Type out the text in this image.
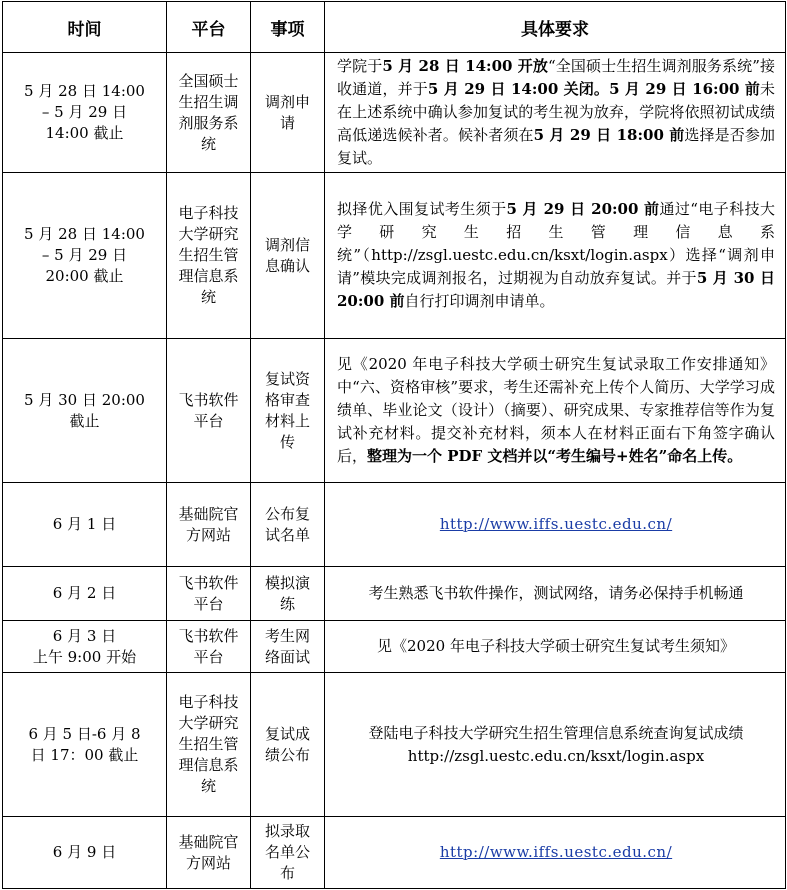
时间	平台	事项	具体要求

5 月 28 日 14:00
– 5 月 29 日
14:00 截止	全国硕士生招生调剂服务系统	调剂申请	学院于5 月 28 日 14:00 开放“全国硕士生招生调剂服务系统”接收通道，并于5 月 29 日 14:00 关闭。5 月 29 日 16:00 前未在上述系统中确认参加复试的考生视为放弃，学院将依照初试成绩高低递选候补者。候补者须在5 月 29 日 18:00 前选择是否参加复试。

5 月 28 日 14:00
– 5 月 29 日
20:00 截止	电子科技大学研究生招生管理信息系统	调剂信息确认	拟择优入围复试考生须于5 月 29 日 20:00 前通过“电子科技大学研究生招生管理信息系统”（http://zsgl.uestc.edu.cn/ksxt/login.aspx）选择“调剂申请”模块完成调剂报名，过期视为自动放弃复试。并于5 月 30 日 20:00 前自行打印调剂申请单。

5 月 30 日 20:00
截止	飞书软件平台	复试资格审查材料上传	见《2020 年电子科技大学硕士研究生复试录取工作安排通知》中“六、资格审核”要求，考生还需补充上传个人简历、大学学习成绩单、毕业论文（设计）（摘要）、研究成果、专家推荐信等作为复试补充材料。提交补充材料，须本人在材料正面右下角签字确认后，整理为一个 PDF 文档并以“考生编号+姓名”命名上传。

6 月 1 日	基础院官方网站	公布复试名单	http://www.iffs.uestc.edu.cn/

6 月 2 日	飞书软件平台	模拟演练	考生熟悉飞书软件操作，测试网络，请务必保持手机畅通

6 月 3 日
上午 9:00 开始	飞书软件平台	考生网络面试	见《2020 年电子科技大学硕士研究生复试考生须知》

6 月 5 日-6 月 8
日 17：00 截止	电子科技大学研究生招生管理信息系统	复试成绩公布	登陆电子科技大学研究生招生管理信息系统查询复试成绩 http://zsgl.uestc.edu.cn/ksxt/login.aspx

6 月 9 日	基础院官方网站	拟录取名单公布	http://www.iffs.uestc.edu.cn/
